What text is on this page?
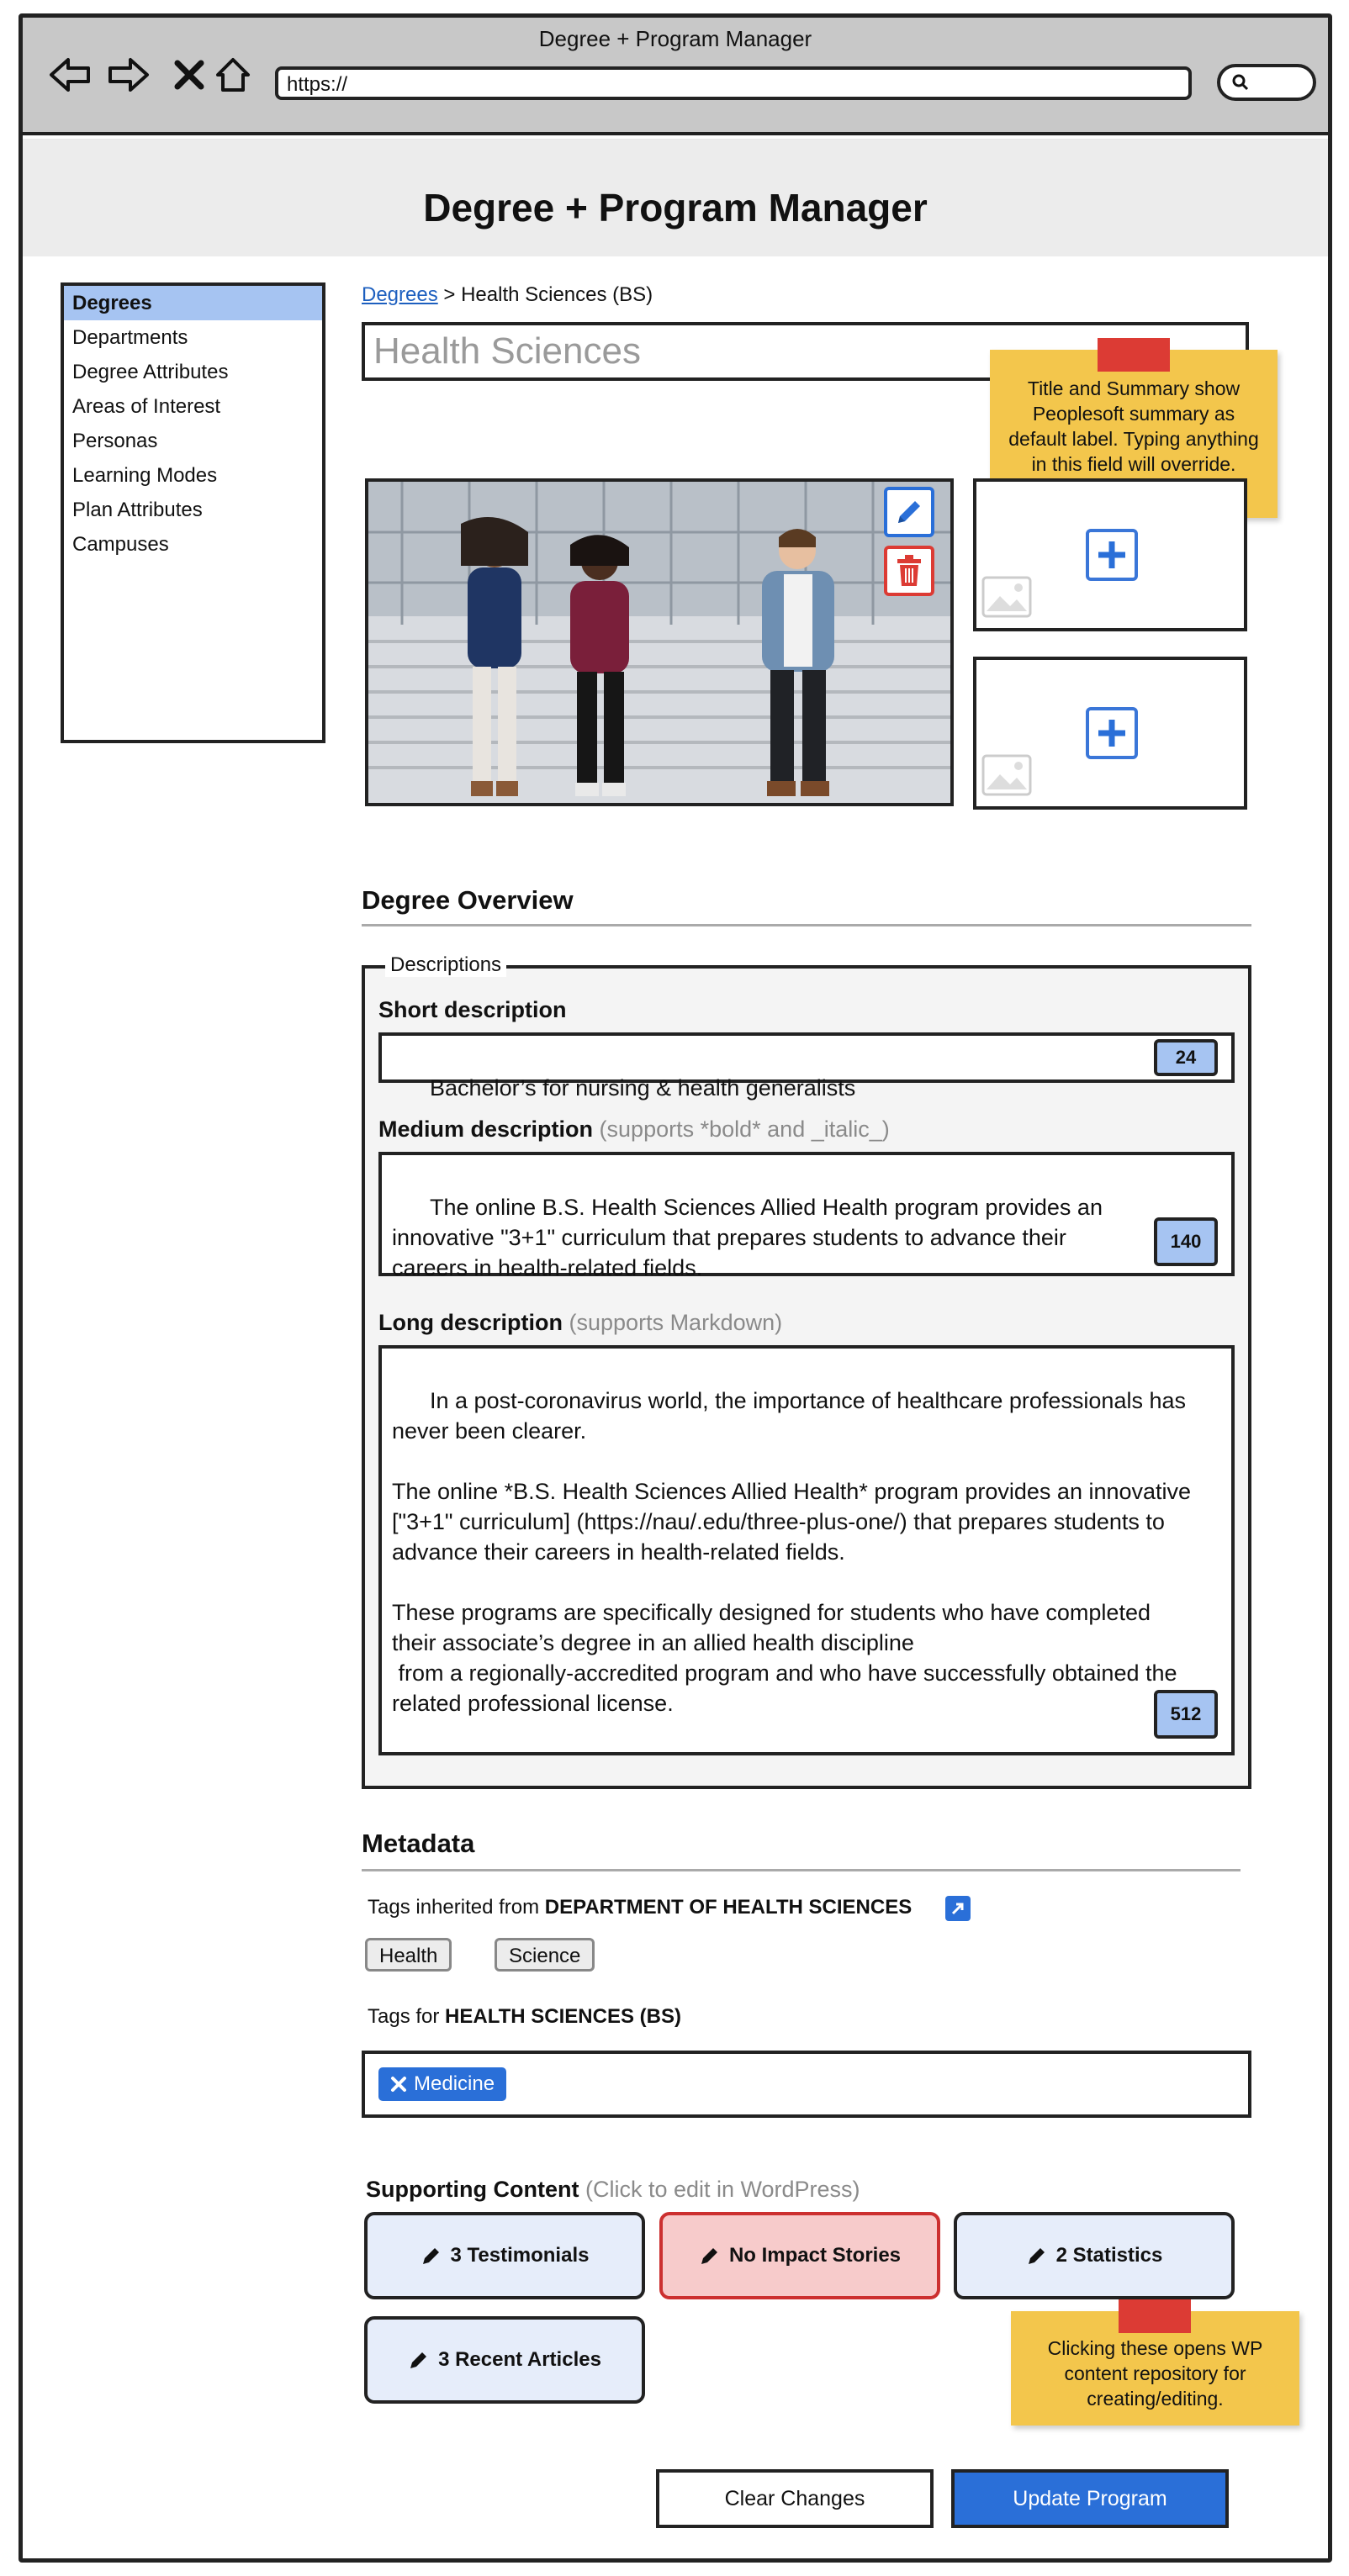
Degree + Program Manager
https://
Degree + Program Manager
Degrees
Departments
Degree Attributes
Areas of Interest
Personas
Learning Modes
Plan Attributes
Campuses
Degrees > Health Sciences (BS)
Health Sciences
Title and Summary show Peoplesoft summary as default label. Typing anything in this field will override.
Degree Overview
Descriptions
Short description

Bachelor’s for nursing & health generalists

24

Medium description (supports *bold* and _italic_)

The online B.S. Health Sciences Allied Health program provides an innovative "3+1" curriculum that prepares students to advance their careers in health-related fields.

140

Long description (supports Markdown)

In a post-coronavirus world, the importance of healthcare professionals has never been clearer.

The online *B.S. Health Sciences Allied Health* program provides an innovative ["3+1" curriculum] (https://nau/.edu/three-plus-one/) that prepares students to advance their careers in health-related fields.

These programs are specifically designed for students who have completed their associate’s degree in an allied health discipline
from a regionally-accredited program and who have successfully obtained the related professional license.
	512

Metadata
Tags inherited from DEPARTMENT OF HEALTH SCIENCES
Health	Science
Tags for HEALTH SCIENCES (BS)
Medicine
Supporting Content (Click to edit in WordPress)
3 Testimonials	No Impact Stories	2 Statistics
3 Recent Articles	Clicking these opens WP content repository for creating/editing.
Clear Changes	Update Program
